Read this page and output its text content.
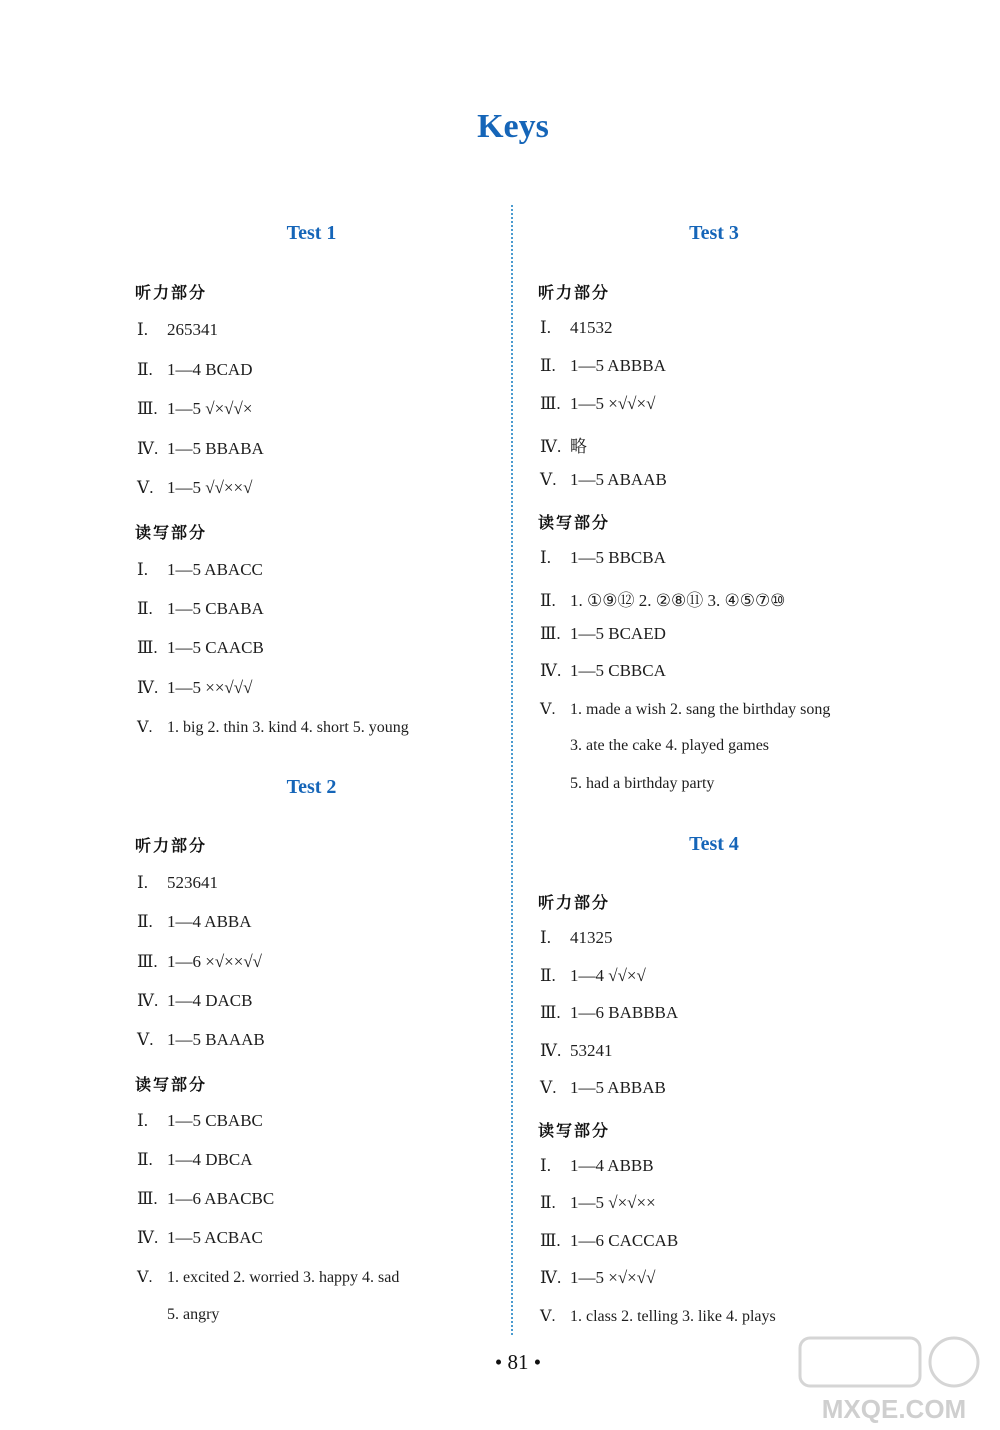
Keys
Test 1
听力部分
Ⅰ. 265341
Ⅱ. 1—4 BCAD
Ⅲ. 1—5 √×√√×
Ⅳ. 1—5 BBABA
Ⅴ. 1—5 √√××√
读写部分
Ⅰ. 1—5 ABACC
Ⅱ. 1—5 CBABA
Ⅲ. 1—5 CAACB
Ⅳ. 1—5 ××√√√
Ⅴ. 1. big 2. thin 3. kind 4. short 5. young
Test 2
听力部分
Ⅰ. 523641
Ⅱ. 1—4 ABBA
Ⅲ. 1—6 ×√××√√
Ⅳ. 1—4 DACB
Ⅴ. 1—5 BAAAB
读写部分
Ⅰ. 1—5 CBABC
Ⅱ. 1—4 DBCA
Ⅲ. 1—6 ABACBC
Ⅳ. 1—5 ACBAC
Ⅴ. 1. excited 2. worried 3. happy 4. sad
5. angry
Test 3
听力部分
Ⅰ. 41532
Ⅱ. 1—5 ABBBA
Ⅲ. 1—5 ×√√×√
Ⅳ. 略
Ⅴ. 1—5 ABAAB
读写部分
Ⅰ. 1—5 BBCBA
Ⅱ. 1. ①⑨⑫ 2. ②⑧⑪ 3. ④⑤⑦⑩
Ⅲ. 1—5 BCAED
Ⅳ. 1—5 CBBCA
Ⅴ. 1. made a wish 2. sang the birthday song
3. ate the cake 4. played games
5. had a birthday party
Test 4
听力部分
Ⅰ. 41325
Ⅱ. 1—4 √√×√
Ⅲ. 1—6 BABBBA
Ⅳ. 53241
Ⅴ. 1—5 ABBAB
读写部分
Ⅰ. 1—4 ABBB
Ⅱ. 1—5 √×√××
Ⅲ. 1—6 CACCAB
Ⅳ. 1—5 ×√×√√
Ⅴ. 1. class 2. telling 3. like 4. plays
• 81 •
MXQE.COM
